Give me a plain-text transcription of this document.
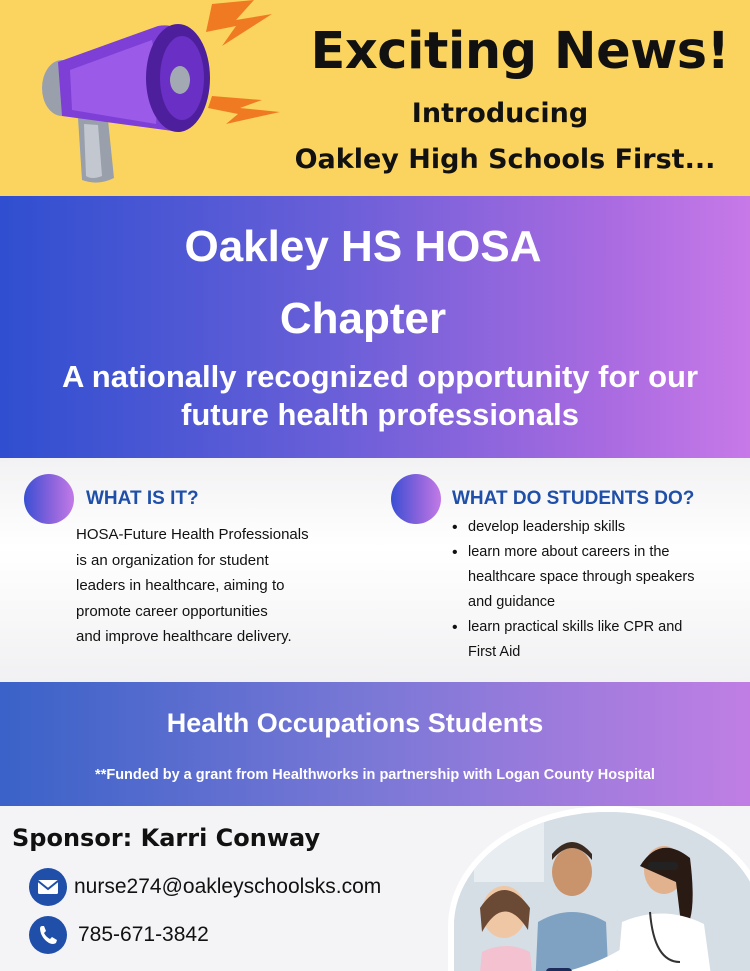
Exciting News!
Introducing
Oakley High Schools First...
Oakley HS HOSA
Chapter
A nationally recognized opportunity for our future health professionals
WHAT IS IT?
HOSA-Future Health Professionals
is an organization for student
leaders in healthcare, aiming to
promote career opportunities
and improve healthcare delivery.
WHAT DO STUDENTS DO?
• develop leadership skills
• learn more about careers in the healthcare space through speakers and guidance
• learn practical skills like CPR and First Aid
Health Occupations Students
**Funded by a grant from Healthworks in partnership with Logan County Hospital
Sponsor: Karri Conway
nurse274@oakleyschoolsks.com
785-671-3842
